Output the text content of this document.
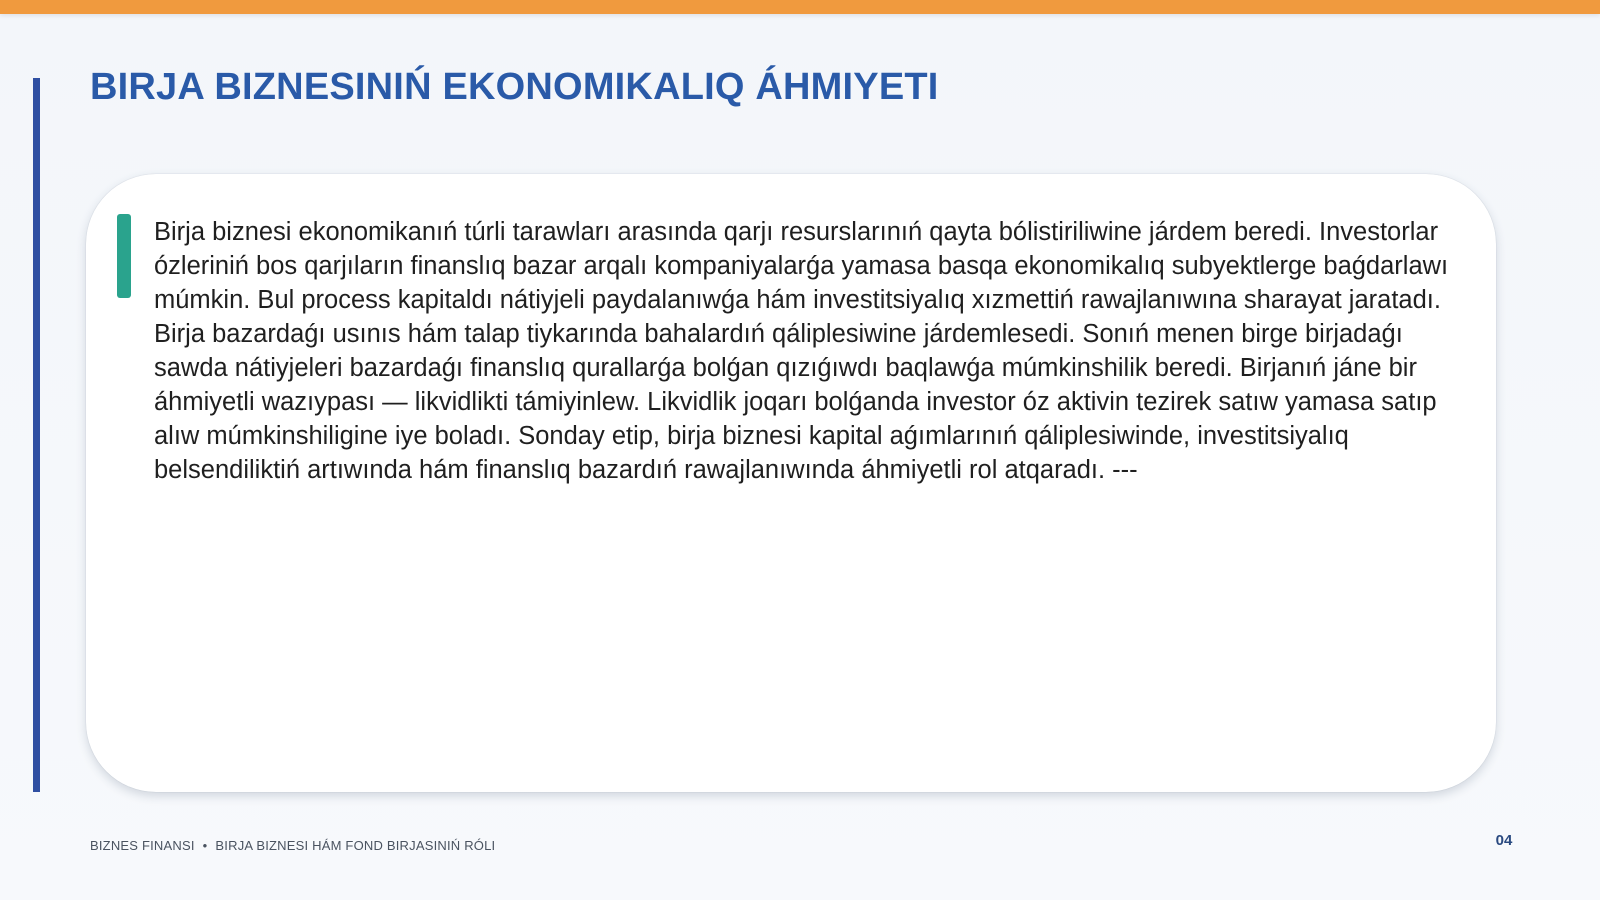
BIRJA BIZNESINIŃ EKONOMIKALIQ ÁHMIYETI

Birja biznesi ekonomikanıń túrli tarawları arasında qarjı resurslarınıń qayta bólistiriliwine járdem beredi. Investorlar ózleriniń bos qarjıların finanslıq bazar arqalı kompaniyalarǵa yamasa basqa ekonomikalıq subyektlerge baǵdarlawı múmkin. Bul process kapitaldı nátiyjeli paydalanıwǵa hám investitsiyalıq xızmettiń rawajlanıwına sharayat jaratadı. Birja bazardaǵı usınıs hám talap tiykarında bahalardıń qáliplesiwine járdemlesedi. Sonıń menen birge birjadaǵı sawda nátiyjeleri bazardaǵı finanslıq qurallarǵa bolǵan qızıǵıwdı baqlawǵa múmkinshilik beredi. Birjanıń jáne bir áhmiyetli wazıypası — likvidlikti támiyinlew. Likvidlik joqarı bolǵanda investor óz aktivin tezirek satıw yamasa satıp alıw múmkinshiligine iye boladı. Sonday etip, birja biznesi kapital aǵımlarınıń qáliplesiwinde, investitsiyalıq belsendiliktiń artıwında hám finanslıq bazardıń rawajlanıwında áhmiyetli rol atqaradı. ---

BIZNES FINANSI • BIRJA BIZNESI HÁM FOND BIRJASINIŃ RÓLI	04
